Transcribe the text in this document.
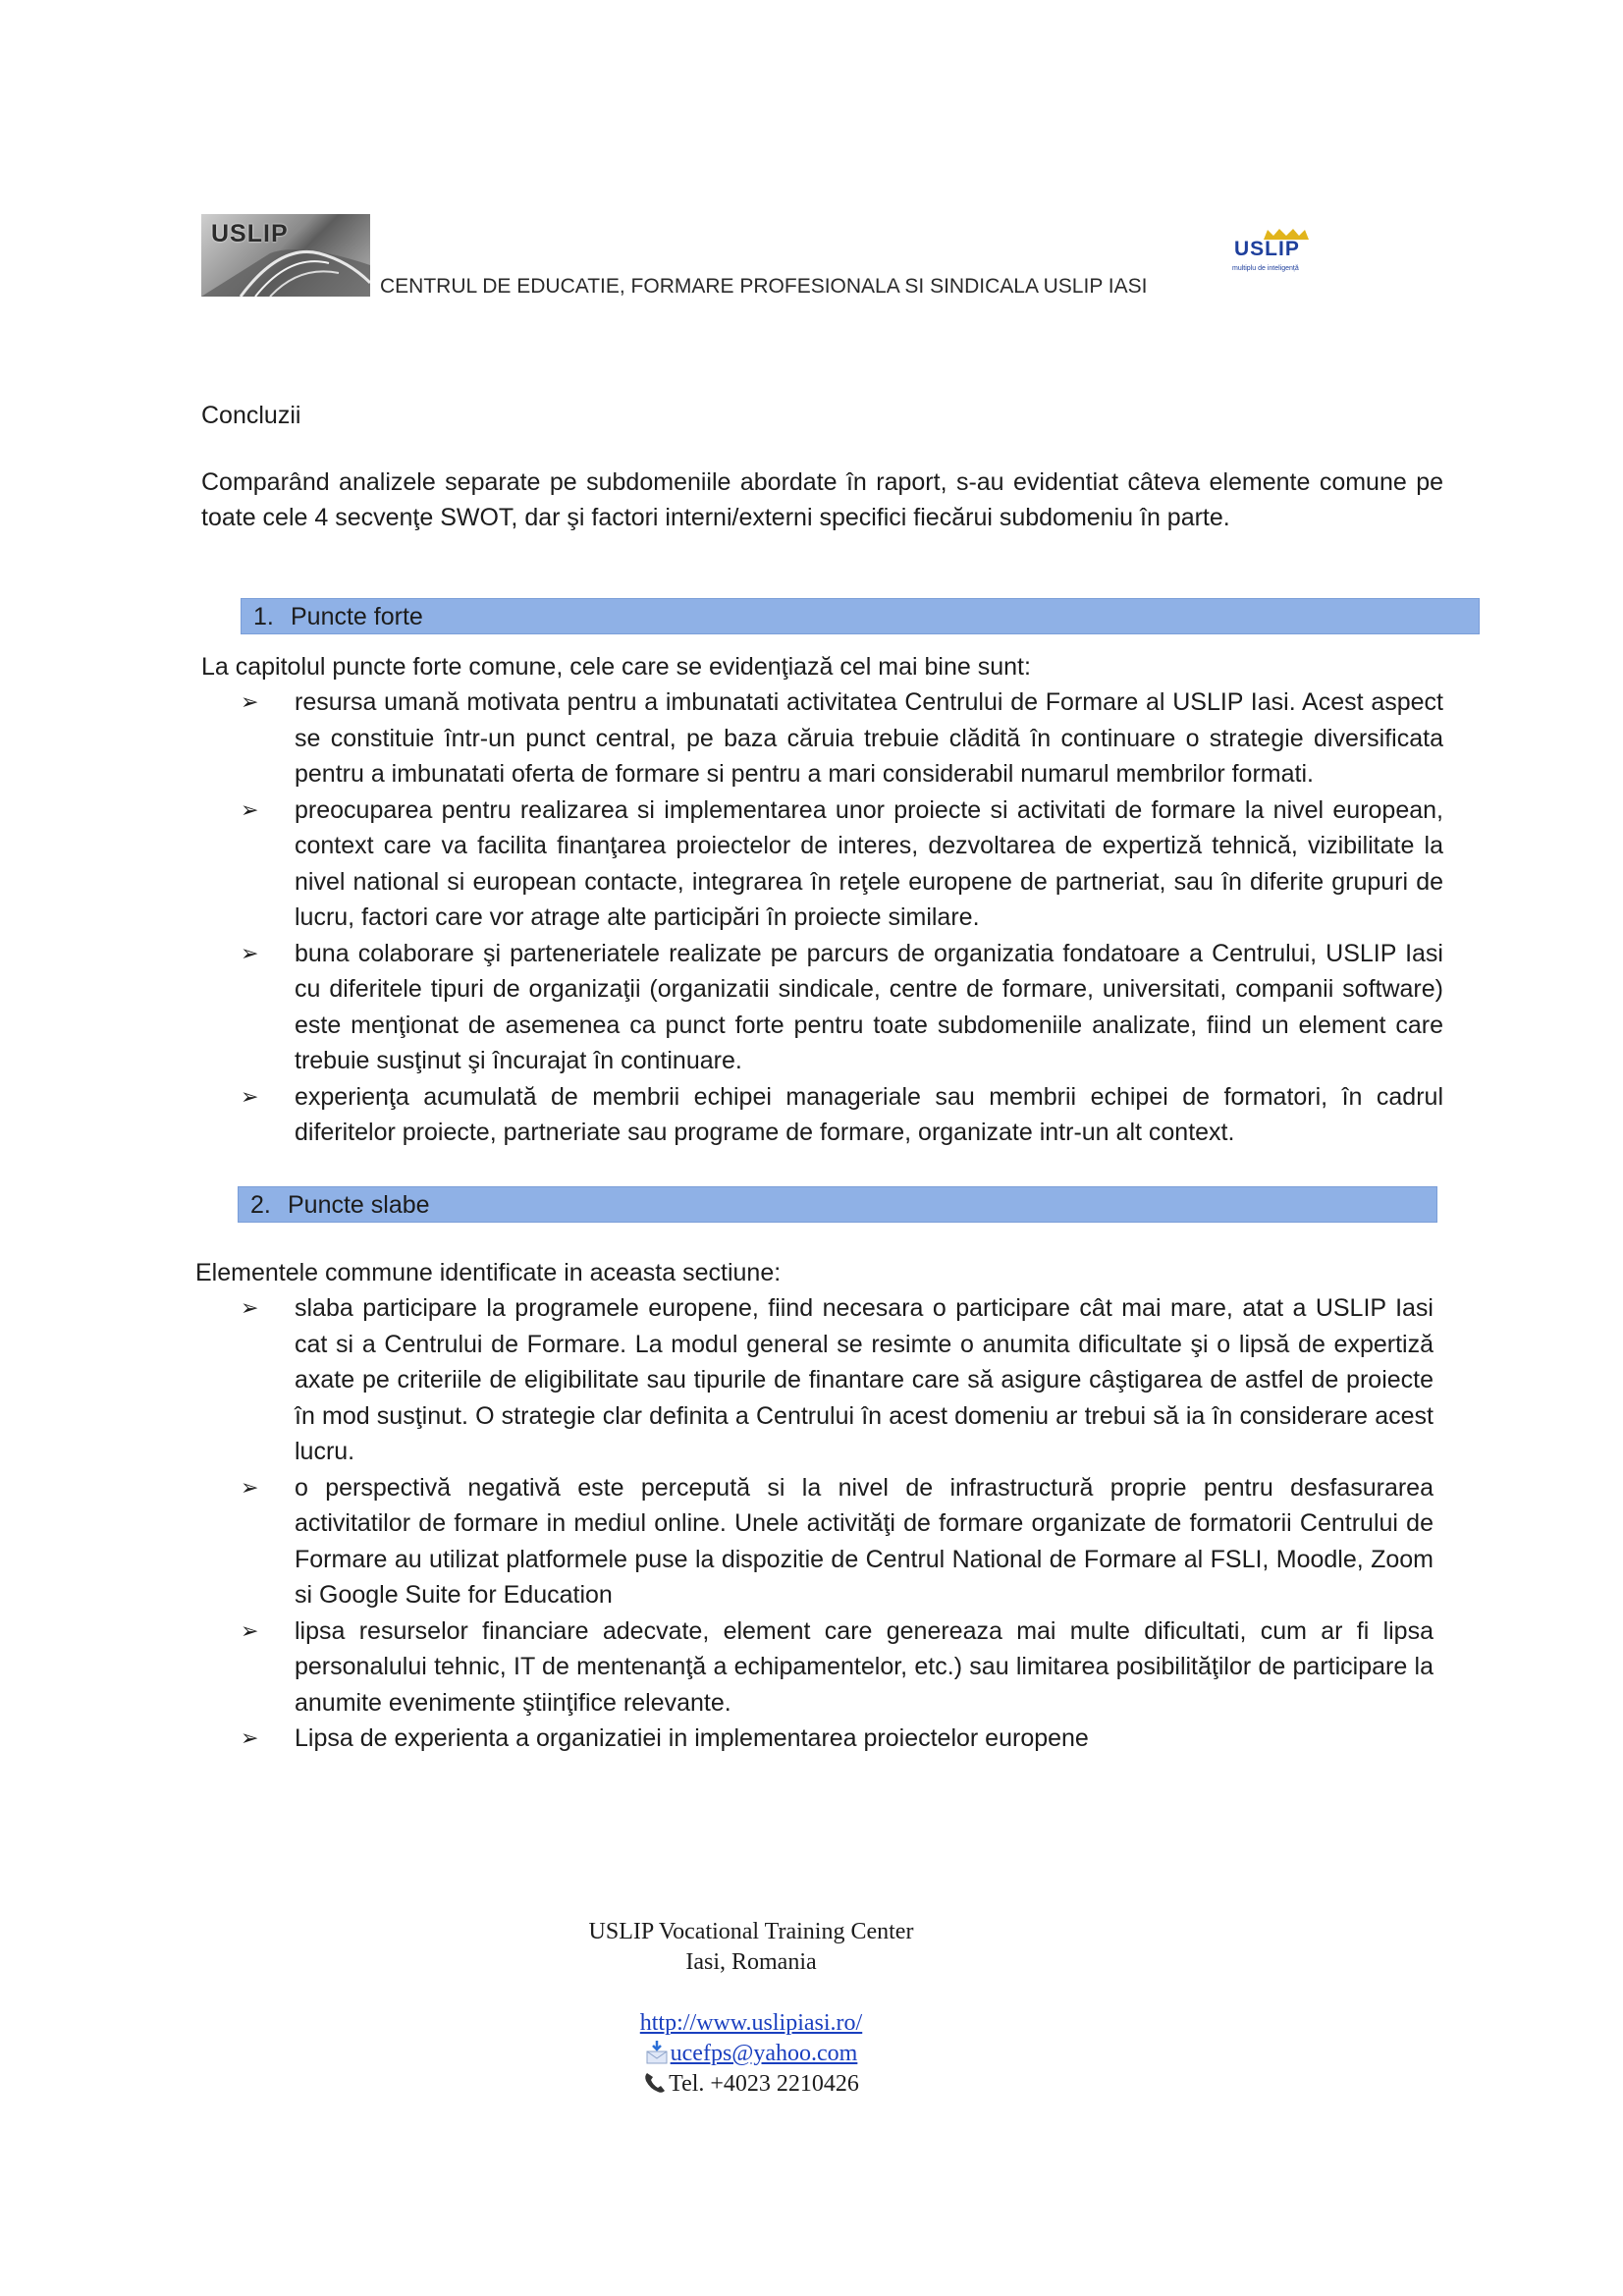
USLIP
CENTRUL DE EDUCATIE, FORMARE PROFESIONALA SI SINDICALA USLIP IASI
USLIP
multiplu de inteligență

Concluzii

Comparând analizele separate pe subdomeniile abordate în raport, s-au evidentiat câteva elemente comune pe toate cele 4 secvenţe SWOT, dar şi factori interni/externi specifici fiecărui subdomeniu în parte.

1. Puncte forte

La capitolul puncte forte comune, cele care se evidenţiază cel mai bine sunt:

➢ resursa umană motivata pentru a imbunatati activitatea Centrului de Formare al USLIP Iasi. Acest aspect se constituie într-un punct central, pe baza căruia trebuie clădită în continuare o strategie diversificata pentru a imbunatati oferta de formare si pentru a mari considerabil numarul membrilor formati.
➢ preocuparea pentru realizarea si implementarea unor proiecte si activitati de formare la nivel european, context care va facilita finanţarea proiectelor de interes, dezvoltarea de expertiză tehnică, vizibilitate la nivel national si european contacte, integrarea în reţele europene de partneriat, sau în diferite grupuri de lucru, factori care vor atrage alte participări în proiecte similare.
➢ buna colaborare şi parteneriatele realizate pe parcurs de organizatia fondatoare a Centrului, USLIP Iasi cu diferitele tipuri de organizaţii (organizatii sindicale, centre de formare, universitati, companii software) este menţionat de asemenea ca punct forte pentru toate subdomeniile analizate, fiind un element care trebuie susţinut şi încurajat în continuare.
➢ experienţa acumulată de membrii echipei manageriale sau membrii echipei de formatori, în cadrul diferitelor proiecte, partneriate sau programe de formare, organizate intr-un alt context.
2. Puncte slabe

Elementele commune identificate in aceasta sectiune:

➢ slaba participare la programele europene, fiind necesara o participare cât mai mare, atat a USLIP Iasi cat si a Centrului de Formare. La modul general se resimte o anumita dificultate şi o lipsă de expertiză axate pe criteriile de eligibilitate sau tipurile de finantare care să asigure câştigarea de astfel de proiecte în mod susţinut. O strategie clar definita a Centrului în acest domeniu ar trebui să ia în considerare acest lucru.
➢ o perspectivă negativă este percepută si la nivel de infrastructură proprie pentru desfasurarea activitatilor de formare in mediul online. Unele activităţi de formare organizate de formatorii Centrului de Formare au utilizat platformele puse la dispozitie de Centrul National de Formare al FSLI, Moodle, Zoom si Google Suite for Education
➢ lipsa resurselor financiare adecvate, element care genereaza mai multe dificultati, cum ar fi lipsa personalului tehnic, IT de mentenanţă a echipamentelor, etc.) sau limitarea posibilităţilor de participare la anumite evenimente ştiinţifice relevante.
➢ Lipsa de experienta a organizatiei in implementarea proiectelor europene
USLIP Vocational Training Center
Iasi, Romania
http://www.uslipiasi.ro/
ucefps@yahoo.com
Tel. +4023 2210426
